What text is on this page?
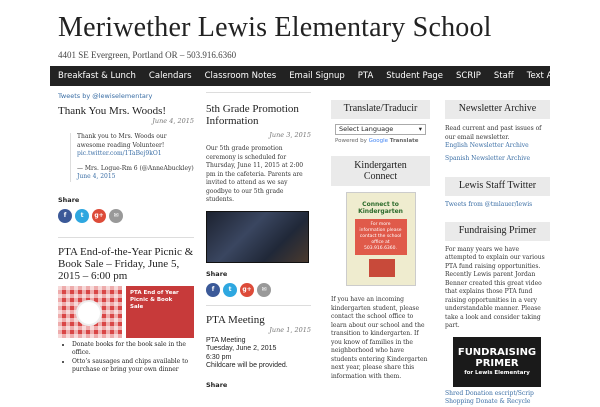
Meriwether Lewis Elementary School
4401 SE Evergreen, Portland OR – 503.916.6360
Breakfast & Lunch	Calendars	Classroom Notes	Email Signup	PTA	Student Page	SCRIP	Staff	Text Alerts
Tweets by @lewiselementary
Thank You Mrs. Woods!
June 4, 2015
Thank you to Mrs. Woods our awesome reading Volunteer!
pic.twitter.com/1TaBej9kO1
— Mrs. Logue-Rm 6 (@AnneAbuckley)
June 4, 2015
Share
f	t	g+	✉
PTA End-of-the-Year Picnic & Book Sale – Friday, June 5, 2015 – 6:00 pm
PTA End of Year
Picnic & Book
Sale
• Donate books for the book sale in the office.
• Otto’s sausages and chips available to purchase or bring your own dinner
5th Grade Promotion Information
June 3, 2015
Our 5th grade promotion ceremony is scheduled for Thursday, June 11, 2015 at 2:00 pm in the cafeteria. Parents are invited to attend as we say goodbye to our 5th grade students.
Share
f	t	g+	✉
PTA Meeting
June 1, 2015
PTA Meeting
Tuesday, June 2, 2015
6:30 pm
Childcare will be provided.
Share
Translate/Traducir
Select Language	▾
Powered by Google Translate
Kindergarten Connect
Connect to
Kindergarten
For more information please contact the school office at 503.916.6360.
If you have an incoming kindergarten student, please contact the school office to learn about our school and the transition to kindergarten. If you know of families in the neighborhood who have students entering Kindergarten next year, please share this information with them.
Newsletter Archive
Read current and past issues of our email newsletter.
English Newsletter Archive
Spanish Newsletter Archive
Lewis Staff Twitter
Tweets from @tmlauer/lewis
Fundraising Primer
For many years we have attempted to explain our various PTA fund raising opportunities. Recently Lewis parent Jordan Benner created this great video that explains those PTA fund raising opportunities in a very understandable manner. Please take a look and consider taking part.
FUNDRAISING
PRIMER
for Lewis Elementary
Shred Donation escript/Scrip
Shopping Donate & Recycle
